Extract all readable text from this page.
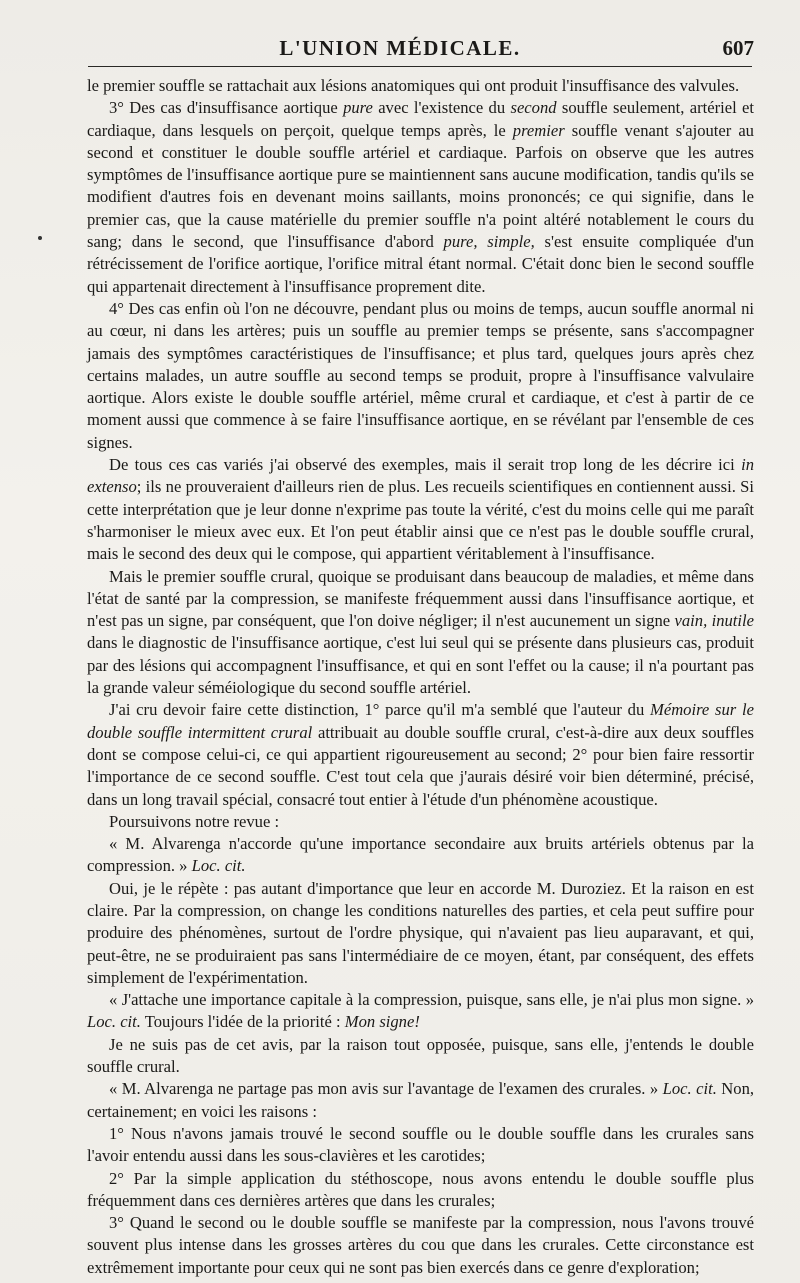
L'UNION MÉDICALE.	607

le premier souffle se rattachait aux lésions anatomiques qui ont produit l'insuffisance des valvules.

3° Des cas d'insuffisance aortique pure avec l'existence du second souffle seulement, artériel et cardiaque, dans lesquels on perçoit, quelque temps après, le premier souffle venant s'ajouter au second et constituer le double souffle artériel et cardiaque. Parfois on observe que les autres symptômes de l'insuffisance aortique pure se maintiennent sans aucune modification, tandis qu'ils se modifient d'autres fois en devenant moins saillants, moins prononcés; ce qui signifie, dans le premier cas, que la cause matérielle du premier souffle n'a point altéré notablement le cours du sang; dans le second, que l'insuffisance d'abord pure, simple, s'est ensuite compliquée d'un rétrécissement de l'orifice aortique, l'orifice mitral étant normal. C'était donc bien le second souffle qui appartenait directement à l'insuffisance proprement dite.

4° Des cas enfin où l'on ne découvre, pendant plus ou moins de temps, aucun souffle anormal ni au cœur, ni dans les artères; puis un souffle au premier temps se présente, sans s'accompagner jamais des symptômes caractéristiques de l'insuffisance; et plus tard, quelques jours après chez certains malades, un autre souffle au second temps se produit, propre à l'insuffisance valvulaire aortique. Alors existe le double souffle artériel, même crural et cardiaque, et c'est à partir de ce moment aussi que commence à se faire l'insuffisance aortique, en se révélant par l'ensemble de ces signes.

De tous ces cas variés j'ai observé des exemples, mais il serait trop long de les décrire ici in extenso; ils ne prouveraient d'ailleurs rien de plus. Les recueils scientifiques en contiennent aussi. Si cette interprétation que je leur donne n'exprime pas toute la vérité, c'est du moins celle qui me paraît s'harmoniser le mieux avec eux. Et l'on peut établir ainsi que ce n'est pas le double souffle crural, mais le second des deux qui le compose, qui appartient véritablement à l'insuffisance.

Mais le premier souffle crural, quoique se produisant dans beaucoup de maladies, et même dans l'état de santé par la compression, se manifeste fréquemment aussi dans l'insuffisance aortique, et n'est pas un signe, par conséquent, que l'on doive négliger; il n'est aucunement un signe vain, inutile dans le diagnostic de l'insuffisance aortique, c'est lui seul qui se présente dans plusieurs cas, produit par des lésions qui accompagnent l'insuffisance, et qui en sont l'effet ou la cause; il n'a pourtant pas la grande valeur séméiologique du second souffle artériel.

J'ai cru devoir faire cette distinction, 1° parce qu'il m'a semblé que l'auteur du Mémoire sur le double souffle intermittent crural attribuait au double souffle crural, c'est-à-dire aux deux souffles dont se compose celui-ci, ce qui appartient rigoureusement au second; 2° pour bien faire ressortir l'importance de ce second souffle. C'est tout cela que j'aurais désiré voir bien déterminé, précisé, dans un long travail spécial, consacré tout entier à l'étude d'un phénomène acoustique.

Poursuivons notre revue :

« M. Alvarenga n'accorde qu'une importance secondaire aux bruits artériels obtenus par la compression. » Loc. cit.

Oui, je le répète : pas autant d'importance que leur en accorde M. Duroziez. Et la raison en est claire. Par la compression, on change les conditions naturelles des parties, et cela peut suffire pour produire des phénomènes, surtout de l'ordre physique, qui n'avaient pas lieu auparavant, et qui, peut-être, ne se produiraient pas sans l'intermédiaire de ce moyen, étant, par conséquent, des effets simplement de l'expérimentation.

« J'attache une importance capitale à la compression, puisque, sans elle, je n'ai plus mon signe. » Loc. cit. Toujours l'idée de la priorité : Mon signe!

Je ne suis pas de cet avis, par la raison tout opposée, puisque, sans elle, j'entends le double souffle crural.

« M. Alvarenga ne partage pas mon avis sur l'avantage de l'examen des crurales. » Loc. cit. Non, certainement; en voici les raisons :

1° Nous n'avons jamais trouvé le second souffle ou le double souffle dans les crurales sans l'avoir entendu aussi dans les sous-clavières et les carotides;

2° Par la simple application du stéthoscope, nous avons entendu le double souffle plus fréquemment dans ces dernières artères que dans les crurales;

3° Quand le second ou le double souffle se manifeste par la compression, nous l'avons trouvé souvent plus intense dans les grosses artères du cou que dans les crurales. Cette circonstance est extrêmement importante pour ceux qui ne sont pas bien exercés dans ce genre d'exploration;
